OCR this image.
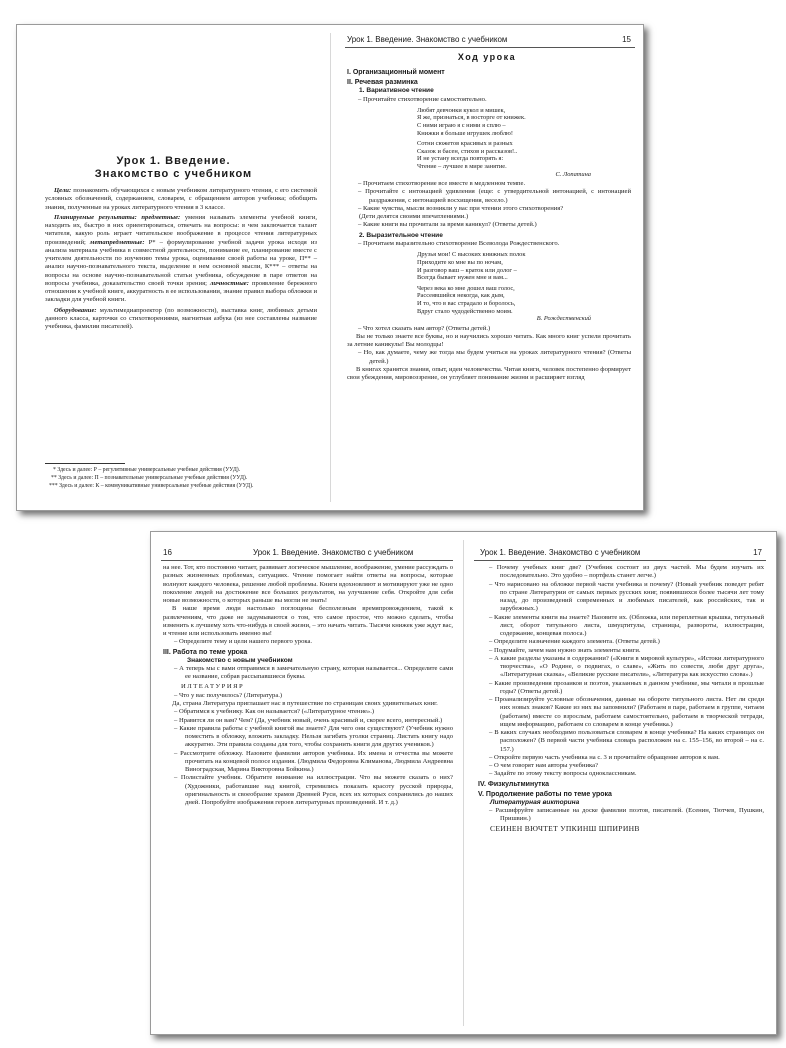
Урок 1. Введение.
Знакомство с учебником

Цели: познакомить обучающихся с новым учебником литературного чтения, с его системой условных обозначений, содержанием, словарем, с обращением авторов учебника; обобщить знания, полученные на уроках литературного чтения в 3 классе.

Планируемые результаты: предметные: умения называть элементы учебной книги, находить их, быстро в них ориентироваться, отвечать на вопросы: в чем заключается талант читателя, какую роль играет читательское воображение в процессе чтения литературных произведений; метапредметные: Р* – формулирование учебной задачи урока исходя из анализа материала учебника в совместной деятельности, понимание ее, планирование вместе с учителем деятельности по изучению темы урока, оценивание своей работы на уроке, П** – анализ научно-познавательного текста, выделение в нем основной мысли, К*** – ответы на вопросы на основе научно-познавательной статьи учебника, обсуждение в паре ответов на вопросы учебника, доказательство своей точки зрения; личностные: проявление бережного отношения к учебной книге, аккуратность в ее использовании, знание правил выбора обложки и закладки для учебной книги.

Оборудование: мультимедиапроектор (по возможности), выставка книг, любимых детьми данного класса, карточки со стихотворениями, магнитная азбука (из нее составлены название учебника, фамилии писателей).

* Здесь и далее: Р – регулятивные универсальные учебные действия (УУД).
** Здесь и далее: П – познавательные универсальные учебные действия (УУД).
*** Здесь и далее: К – коммуникативные универсальные учебные действия (УУД).
Урок 1. Введение. Знакомство с учебником	15
Ход урока
I. Организационный момент
II. Речевая разминка
1. Вариативное чтение

– Прочитайте стихотворение самостоятельно.

Любят девчонки кукол и мишек,
Я же, признаться, в восторге от книжек.
С ними играю я с ними я сплю –
Книжки я больше игрушек люблю!
Сотни сюжетов красивых и разных
Сказок и басен, стихов и рассказов!..
И не устану всегда повторять я:
Чтение – лучшее в мире занятие.
С. Лопатина

– Прочитаем стихотворение все вместе в медленном темпе.

– Прочитайте с интонацией удивления (еще: с утвердительной интонацией, с интонацией раздражения, с интонацией восхищения, весело.)

– Какие чувства, мысли возникли у вас при чтении этого стихотворения?

(Дети делятся своими впечатлениями.)

– Какие книги вы прочитали за время каникул? (Ответы детей.)

2. Выразительное чтение

– Прочитаем выразительно стихотворение Всеволода Рождественского.

Друзья мои! С высоких книжных полок
Приходите ко мне вы по ночам,
И разговор ваш – краток или долог –
Всегда бывает нужен мне и вам...
Через века ко мне дошел ваш голос,
Рассеявшийся некогда, как дым,
И то, что в вас страдало и боролось,
Вдруг стало чудодейственно моим.
В. Рождественский

– Что хотел сказать нам автор? (Ответы детей.)

Вы не только знаете все буквы, но и научились хорошо читать. Как много книг успели прочитать за летние каникулы! Вы молодцы!

– Но, как думаете, чему же тогда мы будем учиться на уроках литературного чтения? (Ответы детей.)

В книгах хранятся знания, опыт, идеи человечества. Читая книги, человек постепенно формирует свои убеждения, мировоззрение, он углубляет понимание жизни и расширяет взгляд

16	Урок 1. Введение. Знакомство с учебником

на нее. Тот, кто постоянно читает, развивает логическое мышление, воображение, умение рассуждать о разных жизненных проблемах, ситуациях. Чтение помогает найти ответы на вопросы, которые волнуют каждого человека, решение любой проблемы. Книги вдохновляют и мотивируют уже не одно поколение людей на достижение все больших результатов, на улучшение себя. Откройте для себя новые возможности, о которых раньше вы могли не знать!

В наше время люди настолько поглощены бесполезным времяпровождением, такой к развлечениям, что даже не задумываются о том, что самое простое, что можно сделать, чтобы изменить к лучшему хоть что-нибудь в своей жизни, – это начать читать. Тысячи книжек уже ждут вас, и чтение или использовать именно вы!

– Определите тему и цели нашего первого урока.

III. Работа по теме урока
Знакомство с новым учебником

– А теперь мы с вами отправимся в замечательную страну, которая называется... Определите сами ее название, собрав рассыпавшиеся буквы.

ИЛТЕАТУРИЯР

– Что у вас получилось? (Литература.)

Да, страна Литература приглашает нас в путешествие по страницам своих удивительных книг.

– Обратимся к учебнику. Как он называется? («Литературное чтение».)

– Нравится ли он вам? Чем? (Да, учебник новый, очень красивый и, скорее всего, интересный.)

– Какие правила работы с учебной книгой вы знаете? Для чего они существуют? (Учебник нужно поместить в обложку, вложить закладку. Нельзя загибать уголки страниц. Листать книгу надо аккуратно. Эти правила созданы для того, чтобы сохранить книги для других учеников.)

– Рассмотрите обложку. Назовите фамилии авторов учебника. Их имена и отчества вы можете прочитать на концевой полосе издания. (Людмила Федоровна Климанова, Людмила Андреевна Виноградская, Марина Викторовна Бойкина.)

– Полистайте учебник. Обратите внимание на иллюстрации. Что вы можете сказать о них? (Художники, работавшие над книгой, стремились показать красоту русской природы, оригинальность и своеобразие храмов Древней Руси, всех их которых сохранились до наших дней. Попробуйте изображения героев литературных произведений. И т. д.)

Урок 1. Введение. Знакомство с учебником	17

– Почему учебных книг две? (Учебник состоит из двух частей. Мы будем изучать их последовательно. Это удобно – портфель станет легче.)

– Что нарисовано на обложке первой части учебника и почему? (Новый учебник поведет ребят по стране Литературии от самых первых русских книг, появившихся более тысячи лет тому назад, до произведений современных и любимых писателей, как российских, так и зарубежных.)

– Какие элементы книги вы знаете? Назовите их. (Обложка, или переплетная крышка, титульный лист, оборот титульного листа, шмуцтитулы, страницы, развороты, иллюстрации, содержание, концевая полоса.)

– Определите назначение каждого элемента. (Ответы детей.)

– Подумайте, зачем нам нужно знать элементы книги.

– А какие разделы указаны в содержании? («Книги в мировой культуре», «Истоки литературного творчества», «О Родине, о подвигах, о славе», «Жить по совести, любя друг друга», «Литературная сказка», «Великие русские писатели», «Литература как искусство слова».)

– Какие произведения прозаиков и поэтов, указанных в данном учебнике, мы читали в прошлые годы? (Ответы детей.)

– Проанализируйте условные обозначения, данные на обороте титульного листа. Нет ли среди них новых знаков? Какие из них вы запомнили? (Работаем в паре, работаем в группе, читаем (работаем) вместе со взрослым, работаем самостоятельно, работаем в творческой тетради, ищем информацию, работаем со словарем в конце учебника.)

– В каких случаях необходимо пользоваться словарем в конце учебника? На каких страницах он расположен? (В первой части учебника словарь расположен на с. 155–156, во второй – на с. 157.)

– Откройте первую часть учебника на с. 3 и прочитайте обращение авторов к вам.

– О чем говорят нам авторы учебника?

– Задайте по этому тексту вопросы одноклассникам.

IV. Физкультминутка
V. Продолжение работы по теме урока
Литературная викторина

– Расшифруйте записанные на доске фамилии поэтов, писателей. (Есенин, Тютчев, Пушкин, Пришвин.)

СЕИНЕН ВЮЧТЕТ УПКИНШ ШПИРИНВ
